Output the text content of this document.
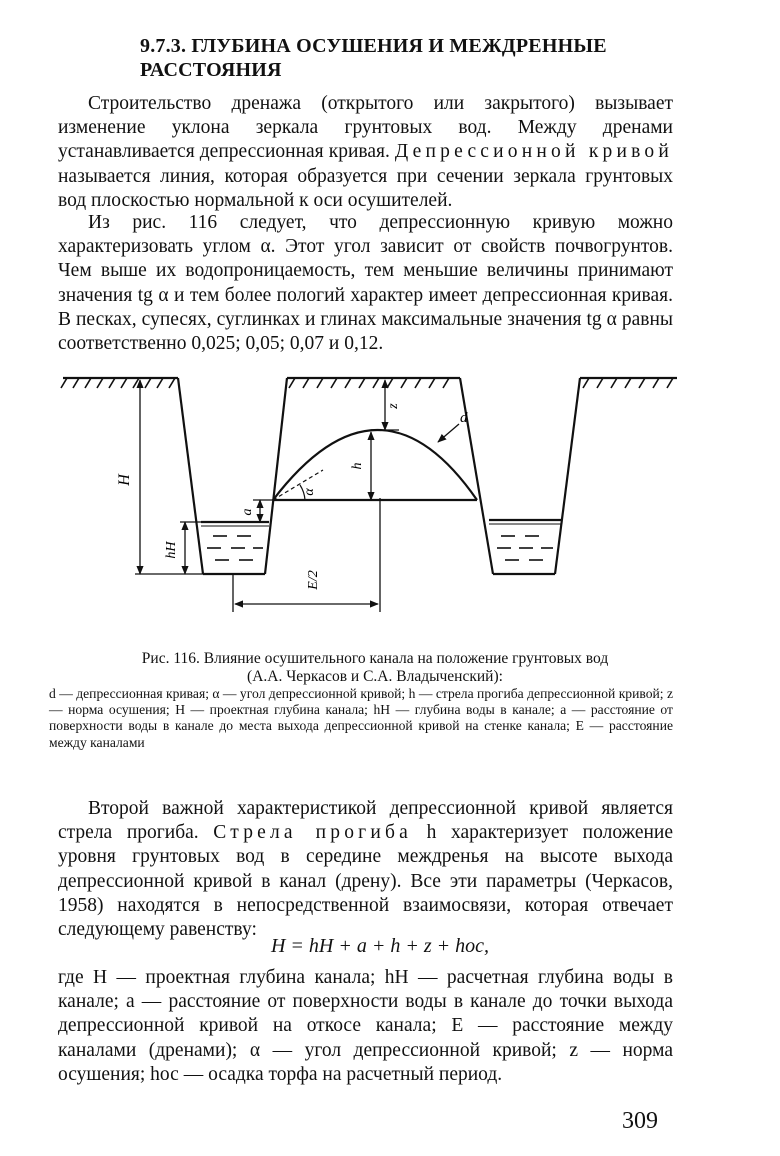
9.7.3. ГЛУБИНА ОСУШЕНИЯ И МЕЖДРЕННЫЕ
РАССТОЯНИЯ

Строительство дренажа (открытого или закрытого) вызывает изменение уклона зеркала грунтовых вод. Между дренами устанавливается депрессионная кривая. Депрессионной кривой называется линия, которая образуется при сечении зеркала грунтовых вод плоскостью нормальной к оси осушителей.

Из рис. 116 следует, что депрессионную кривую можно характеризовать углом α. Этот угол зависит от свойств почвогрунтов. Чем выше их водопроницаемость, тем меньшие величины принимают значения tg α и тем более пологий характер имеет депрессионная кривая. В песках, супесях, суглинках и глинах максимальные значения tg α равны соответственно 0,025; 0,05; 0,07 и 0,12.

H
hН
a
z
h
α
d
E/2
Рис. 116. Влияние осушительного канала на положение грунтовых вод
(А.А. Черкасов и С.А. Владыченский):
d — депрессионная кривая; α — угол депрессионной кривой; h — стрела прогиба депрессионной кривой; z — норма осушения; H — проектная глубина канала; hН — глубина воды в канале; a — расстояние от поверхности воды в канале до места выхода депрессионной кривой на стенке канала; E — расстояние между каналами

Второй важной характеристикой депрессионной кривой является стрела прогиба. Стрела прогиба h характеризует положение уровня грунтовых вод в середине междренья на высоте выхода депрессионной кривой в канал (дрену). Все эти параметры (Черкасов, 1958) находятся в непосредственной взаимосвязи, которая отвечает следующему равенству:

H = hН + a + h + z + hос,

где H — проектная глубина канала; hН — расчетная глубина воды в канале; a — расстояние от поверхности воды в канале до точки выхода депрессионной кривой на откосе канала; E — расстояние между каналами (дренами); α — угол депрессионной кривой; z — норма осушения; hос — осадка торфа на расчетный период.

309
